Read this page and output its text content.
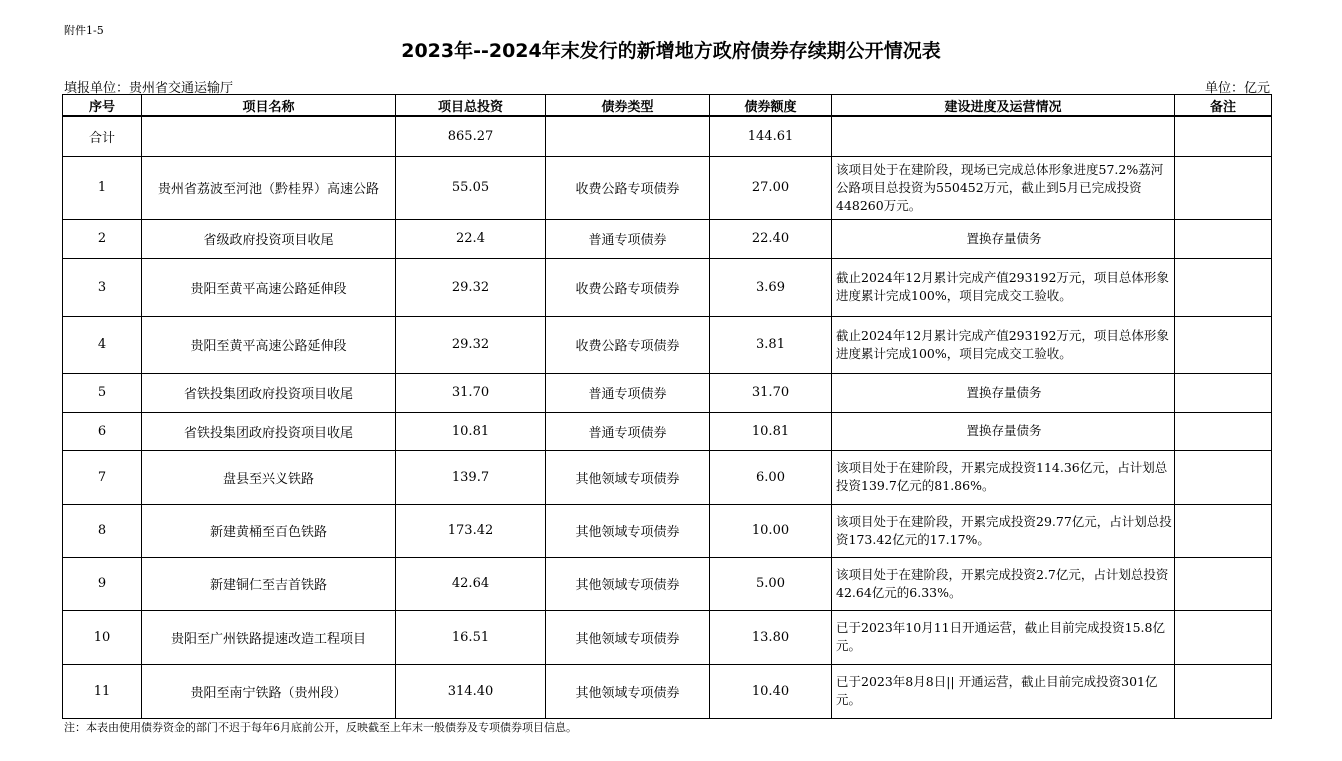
附件1-5
2023年--2024年末发行的新增地方政府债券存续期公开情况表
填报单位：贵州省交通运输厅	单位：亿元
序号	项目名称	项目总投资	债券类型	债券额度	建设进度及运营情况	备注
合计		865.27		144.61		
1	贵州省荔波至河池（黔桂界）高速公路	55.05	收费公路专项债券	27.00	该项目处于在建阶段，现场已完成总体形象进度57.2%荔河公路项目总投资为550452万元，截止到5月已完成投资448260万元。	
2	省级政府投资项目收尾	22.4	普通专项债券	22.40	置换存量债务	
3	贵阳至黄平高速公路延伸段	29.32	收费公路专项债券	3.69	截止2024年12月累计完成产值293192万元，项目总体形象进度累计完成100%，项目完成交工验收。	
4	贵阳至黄平高速公路延伸段	29.32	收费公路专项债券	3.81	截止2024年12月累计完成产值293192万元，项目总体形象进度累计完成100%，项目完成交工验收。	
5	省铁投集团政府投资项目收尾	31.70	普通专项债券	31.70	置换存量债务	
6	省铁投集团政府投资项目收尾	10.81	普通专项债券	10.81	置换存量债务	
7	盘县至兴义铁路	139.7	其他领域专项债券	6.00	该项目处于在建阶段，开累完成投资114.36亿元，占计划总投资139.7亿元的81.86%。	
8	新建黄桶至百色铁路	173.42	其他领域专项债券	10.00	该项目处于在建阶段，开累完成投资29.77亿元，占计划总投资173.42亿元的17.17%。	
9	新建铜仁至吉首铁路	42.64	其他领域专项债券	5.00	该项目处于在建阶段，开累完成投资2.7亿元，占计划总投资42.64亿元的6.33%。	
10	贵阳至广州铁路提速改造工程项目	16.51	其他领域专项债券	13.80	已于2023年10月11日开通运营，截止目前完成投资15.8亿元。	
11	贵阳至南宁铁路（贵州段）	314.40	其他领域专项债券	10.40	已于2023年8月8日|| 开通运营，截止目前完成投资301亿元。	
注：本表由使用债券资金的部门不迟于每年6月底前公开，反映截至上年末一般债券及专项债券项目信息。
